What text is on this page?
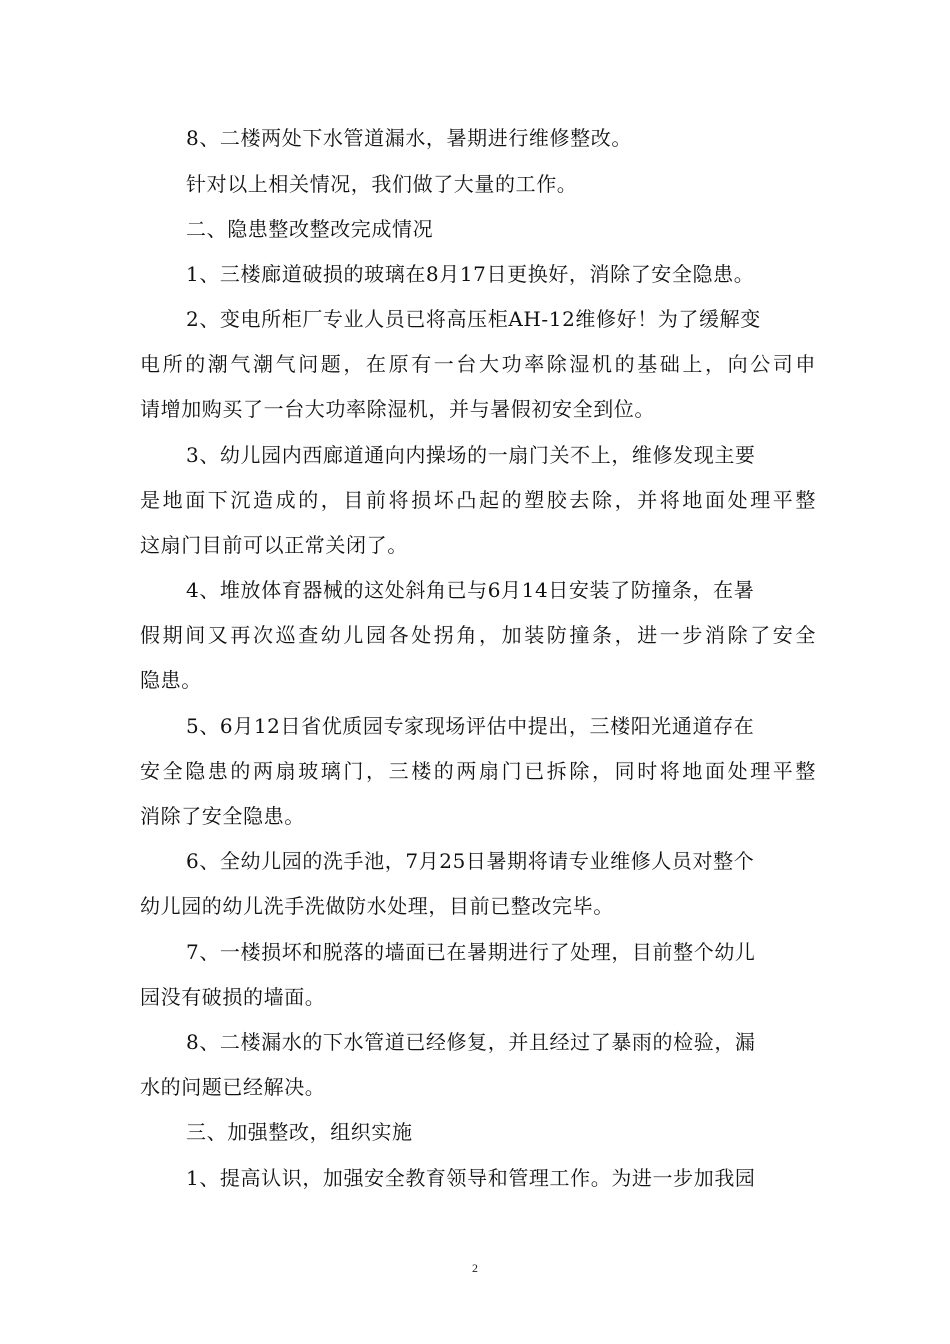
8、二楼两处下水管道漏水，暑期进行维修整改。
针对以上相关情况，我们做了大量的工作。
二、隐患整改整改完成情况
1、三楼廊道破损的玻璃在8月17日更换好，消除了安全隐患。
2、变电所柜厂专业人员已将高压柜AH-12维修好！为了缓解变
电所的潮气潮气问题，在原有一台大功率除湿机的基础上，向公司申
请增加购买了一台大功率除湿机，并与暑假初安全到位。
3、幼儿园内西廊道通向内操场的一扇门关不上，维修发现主要
是地面下沉造成的，目前将损坏凸起的塑胶去除，并将地面处理平整
这扇门目前可以正常关闭了。
4、堆放体育器械的这处斜角已与6月14日安装了防撞条，在暑
假期间又再次巡查幼儿园各处拐角，加装防撞条，进一步消除了安全
隐患。
5、6月12日省优质园专家现场评估中提出，三楼阳光通道存在
安全隐患的两扇玻璃门，三楼的两扇门已拆除，同时将地面处理平整
消除了安全隐患。
6、全幼儿园的洗手池，7月25日暑期将请专业维修人员对整个
幼儿园的幼儿洗手洗做防水处理，目前已整改完毕。
7、一楼损坏和脱落的墙面已在暑期进行了处理，目前整个幼儿
园没有破损的墙面。
8、二楼漏水的下水管道已经修复，并且经过了暴雨的检验，漏
水的问题已经解决。
三、加强整改，组织实施
1、提高认识，加强安全教育领导和管理工作。为进一步加我园
2
